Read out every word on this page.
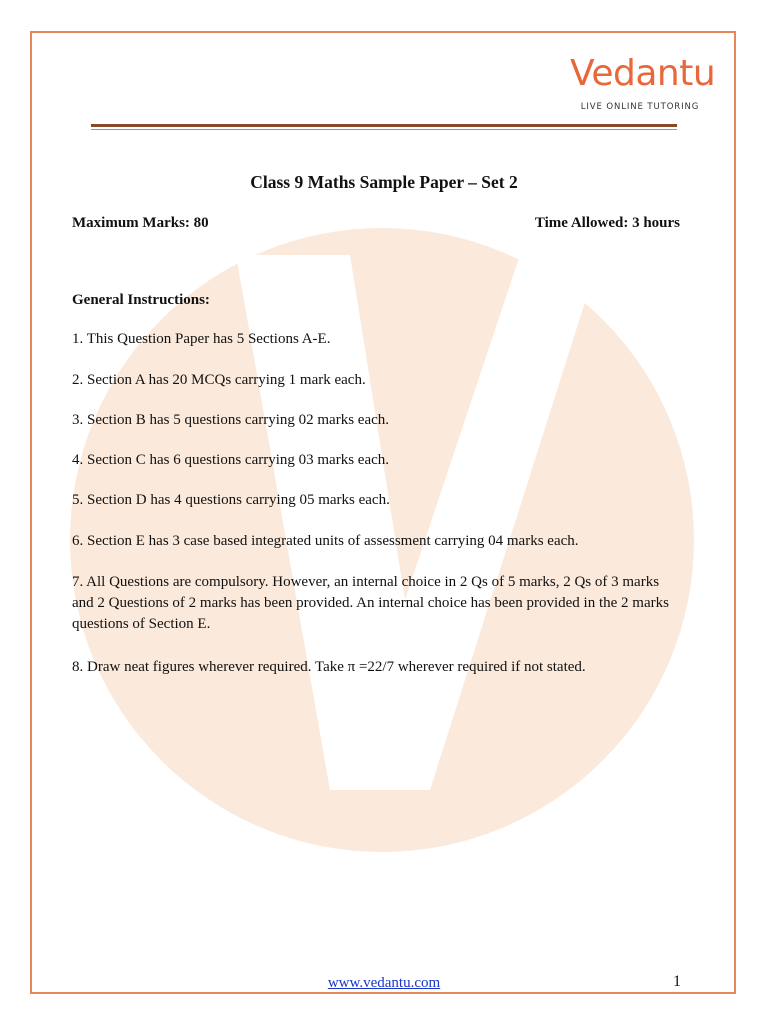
Vedantu
LIVE ONLINE TUTORING
Class 9 Maths Sample Paper – Set 2
Maximum Marks: 80	Time Allowed: 3 hours
General Instructions:
1. This Question Paper has 5 Sections A-E.
2. Section A has 20 MCQs carrying 1 mark each.
3. Section B has 5 questions carrying 02 marks each.
4. Section C has 6 questions carrying 03 marks each.
5. Section D has 4 questions carrying 05 marks each.
6. Section E has 3 case based integrated units of assessment carrying 04 marks each.
7. All Questions are compulsory. However, an internal choice in 2 Qs of 5 marks, 2 Qs of 3 marks and 2 Questions of 2 marks has been provided. An internal choice has been provided in the 2 marks questions of Section E.
8. Draw neat figures wherever required. Take π =22/7 wherever required if not stated.
www.vedantu.com	1
